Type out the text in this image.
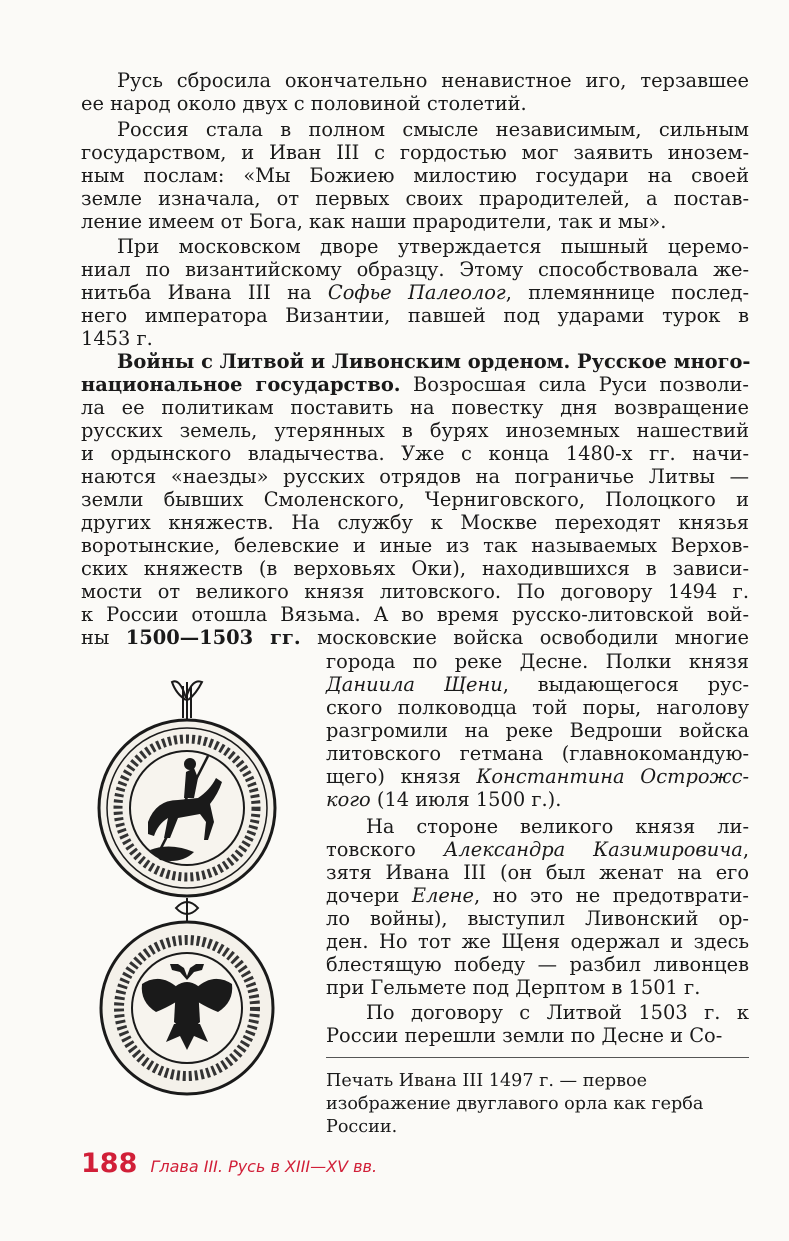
Русь сбросила окончательно ненавистное иго, терзавшее
ее народ около двух с половиной столетий.
Россия стала в полном смысле независимым, сильным
государством, и Иван III с гордостью мог заявить инозем-
ным послам: «Мы Божиею милостию государи на своей
земле изначала, от первых своих прародителей, а постав-
ление имеем от Бога, как наши прародители, так и мы».
При московском дворе утверждается пышный церемо-
ниал по византийскому образцу. Этому способствовала же-
нитьба Ивана III на Софье Палеолог, племяннице послед-
него императора Византии, павшей под ударами турок в
1453 г.
Войны с Литвой и Ливонским орденом. Русское много-
национальное государство. Возросшая сила Руси позволи-
ла ее политикам поставить на повестку дня возвращение
русских земель, утерянных в бурях иноземных нашествий
и ордынского владычества. Уже с конца 1480-х гг. начи-
наются «наезды» русских отрядов на пограничье Литвы —
земли бывших Смоленского, Черниговского, Полоцкого и
других княжеств. На службу к Москве переходят князья
воротынские, белевские и иные из так называемых Верхов-
ских княжеств (в верховьях Оки), находившихся в зависи-
мости от великого князя литовского. По договору 1494 г.
к России отошла Вязьма. А во время русско-литовской вой-
ны 1500—1503 гг. московские войска освободили многие
города по реке Десне. Полки князя
Даниила Щени, выдающегося рус-
ского полководца той поры, наголову
разгромили на реке Ведроши войска
литовского гетмана (главнокомандую-
щего) князя Константина Острожс-
кого (14 июля 1500 г.).
На стороне великого князя ли-
товского Александра Казимировича,
зятя Ивана III (он был женат на его
дочери Елене, но это не предотврати-
ло войны), выступил Ливонский ор-
ден. Но тот же Щеня одержал и здесь
блестящую победу — разбил ливонцев
при Гельмете под Дерптом в 1501 г.
По договору с Литвой 1503 г. к
России перешли земли по Десне и Со-
Печать Ивана III 1497 г. — первое
изображение двуглавого орла как герба
России.
188 Глава III. Русь в XIII—XV вв.
